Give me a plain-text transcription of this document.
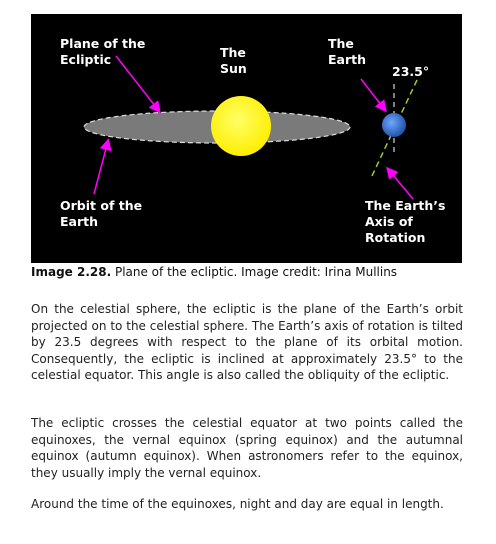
Plane of the
Ecliptic	The
Sun
The
Earth
23.5°
Orbit of the
Earth
The Earth’s
Axis of
Rotation
Image 2.28. Plane of the ecliptic. Image credit: Irina Mullins

On the celestial sphere, the ecliptic is the plane of the Earth’s orbit projected on to the celestial sphere. The Earth’s axis of rotation is tilted by 23.5 degrees with respect to the plane of its orbital motion. Consequently, the ecliptic is inclined at approximately 23.5° to the celestial equator. This angle is also called the obliquity of the ecliptic.

The ecliptic crosses the celestial equator at two points called the equinoxes, the vernal equinox (spring equinox) and the autumnal equinox (autumn equinox). When astronomers refer to the equinox, they usually imply the vernal equinox.

Around the time of the equinoxes, night and day are equal in length.
